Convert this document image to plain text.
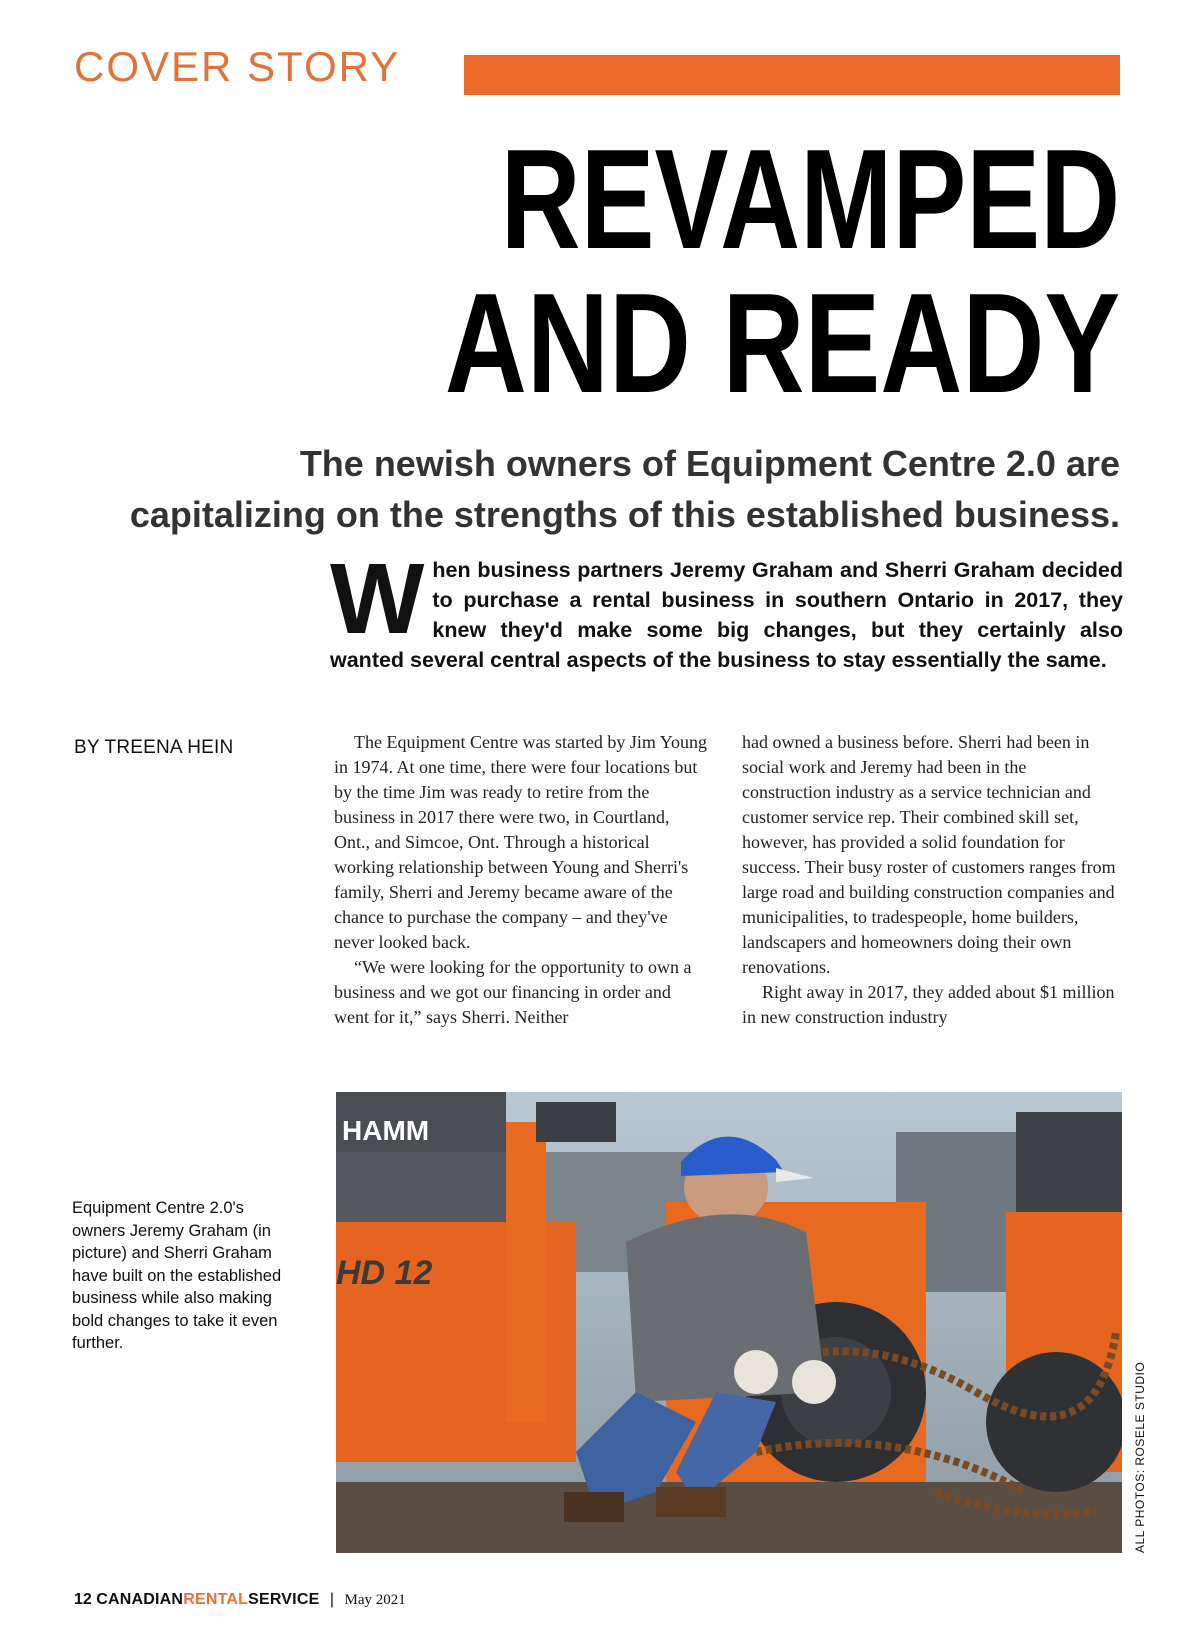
COVER STORY
REVAMPED
AND READY
The newish owners of Equipment Centre 2.0 are
capitalizing on the strengths of this established business.
W hen business partners Jeremy Graham and Sherri Graham decided to purchase a rental business in southern Ontario in 2017, they knew they'd make some big changes, but they certainly also wanted several central aspects of the business to stay essentially the same.
BY TREENA HEIN	The Equipment Centre was started by Jim Young in 1974. At one time, there were four locations but by the time Jim was ready to retire from the business in 2017 there were two, in Courtland, Ont., and Simcoe, Ont. Through a historical working relationship between Young and Sherri's family, Sherri and Jeremy became aware of the chance to purchase the company – and they've never looked back.

“We were looking for the opportunity to own a business and we got our financing in order and went for it,” says Sherri. Neither

had owned a business before. Sherri had been in social work and Jeremy had been in the construction industry as a service technician and customer service rep. Their combined skill set, however, has provided a solid foundation for success. Their busy roster of customers ranges from large road and building construction companies and municipalities, to tradespeople, home builders, landscapers and homeowners doing their own renovations.

Right away in 2017, they added about $1 million in new construction industry

Equipment Centre 2.0's owners Jeremy Graham (in picture) and Sherri Graham have built on the established business while also making bold changes to take it even further.
HAMM
HD 12
ALL PHOTOS: ROSELE STUDIO
12 CANADIANRENTALSERVICE | May 2021
